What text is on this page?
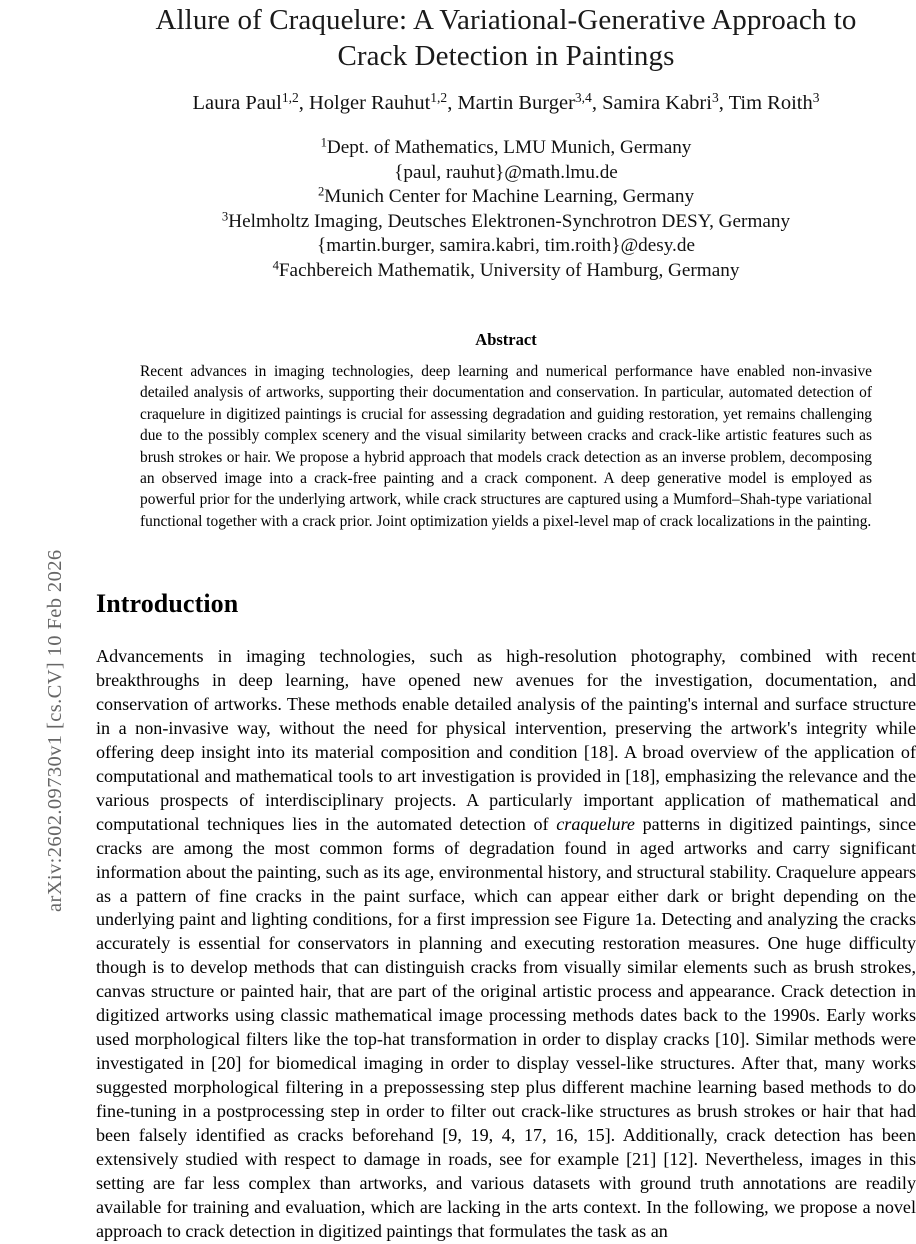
arXiv:2602.09730v1 [cs.CV] 10 Feb 2026
Allure of Craquelure: A Variational-Generative Approach to
Crack Detection in Paintings
Laura Paul$^{1,2}$, Holger Rauhut$^{1,2}$, Martin Burger$^{3,4}$, Samira Kabri$^3$, Tim Roith$^3$
$^1$Dept. of Mathematics, LMU Munich, Germany
{paul, rauhut}@math.lmu.de
$^2$Munich Center for Machine Learning, Germany
$^3$Helmholtz Imaging, Deutsches Elektronen-Synchrotron DESY, Germany
{martin.burger, samira.kabri, tim.roith}@desy.de
$^4$Fachbereich Mathematik, University of Hamburg, Germany
Abstract
Recent advances in imaging technologies, deep learning and numerical performance have enabled non-invasive detailed analysis of artworks, supporting their documentation and conservation. In particular, automated detection of craquelure in digitized paintings is crucial for assessing degradation and guiding restoration, yet remains challenging due to the possibly complex scenery and the visual similarity between cracks and crack-like artistic features such as brush strokes or hair. We propose a hybrid approach that models crack detection as an inverse problem, decomposing an observed image into a crack-free painting and a crack component. A deep generative model is employed as powerful prior for the underlying artwork, while crack structures are captured using a Mumford–Shah-type variational functional together with a crack prior. Joint optimization yields a pixel-level map of crack localizations in the painting.
Introduction
Advancements in imaging technologies, such as high-resolution photography, combined with recent breakthroughs in deep learning, have opened new avenues for the investigation, documentation, and conservation of artworks. These methods enable detailed analysis of the painting's internal and surface structure in a non-invasive way, without the need for physical intervention, preserving the artwork's integrity while offering deep insight into its material composition and condition [18]. A broad overview of the application of computational and mathematical tools to art investigation is provided in [18], emphasizing the relevance and the various prospects of interdisciplinary projects. A particularly important application of mathematical and computational techniques lies in the automated detection of craquelure patterns in digitized paintings, since cracks are among the most common forms of degradation found in aged artworks and carry significant information about the painting, such as its age, environmental history, and structural stability. Craquelure appears as a pattern of fine cracks in the paint surface, which can appear either dark or bright depending on the underlying paint and lighting conditions, for a first impression see Figure 1a. Detecting and analyzing the cracks accurately is essential for conservators in planning and executing restoration measures. One huge difficulty though is to develop methods that can distinguish cracks from visually similar elements such as brush strokes, canvas structure or painted hair, that are part of the original artistic process and appearance. Crack detection in digitized artworks using classic mathematical image processing methods dates back to the 1990s. Early works used morphological filters like the top-hat transformation in order to display cracks [10]. Similar methods were investigated in [20] for biomedical imaging in order to display vessel-like structures. After that, many works suggested morphological filtering in a prepossessing step plus different machine learning based methods to do fine-tuning in a postprocessing step in order to filter out crack-like structures as brush strokes or hair that had been falsely identified as cracks beforehand [9, 19, 4, 17, 16, 15]. Additionally, crack detection has been extensively studied with respect to damage in roads, see for example [21] [12]. Nevertheless, images in this setting are far less complex than artworks, and various datasets with ground truth annotations are readily available for training and evaluation, which are lacking in the arts context. In the following, we propose a novel approach to crack detection in digitized paintings that formulates the task as an
